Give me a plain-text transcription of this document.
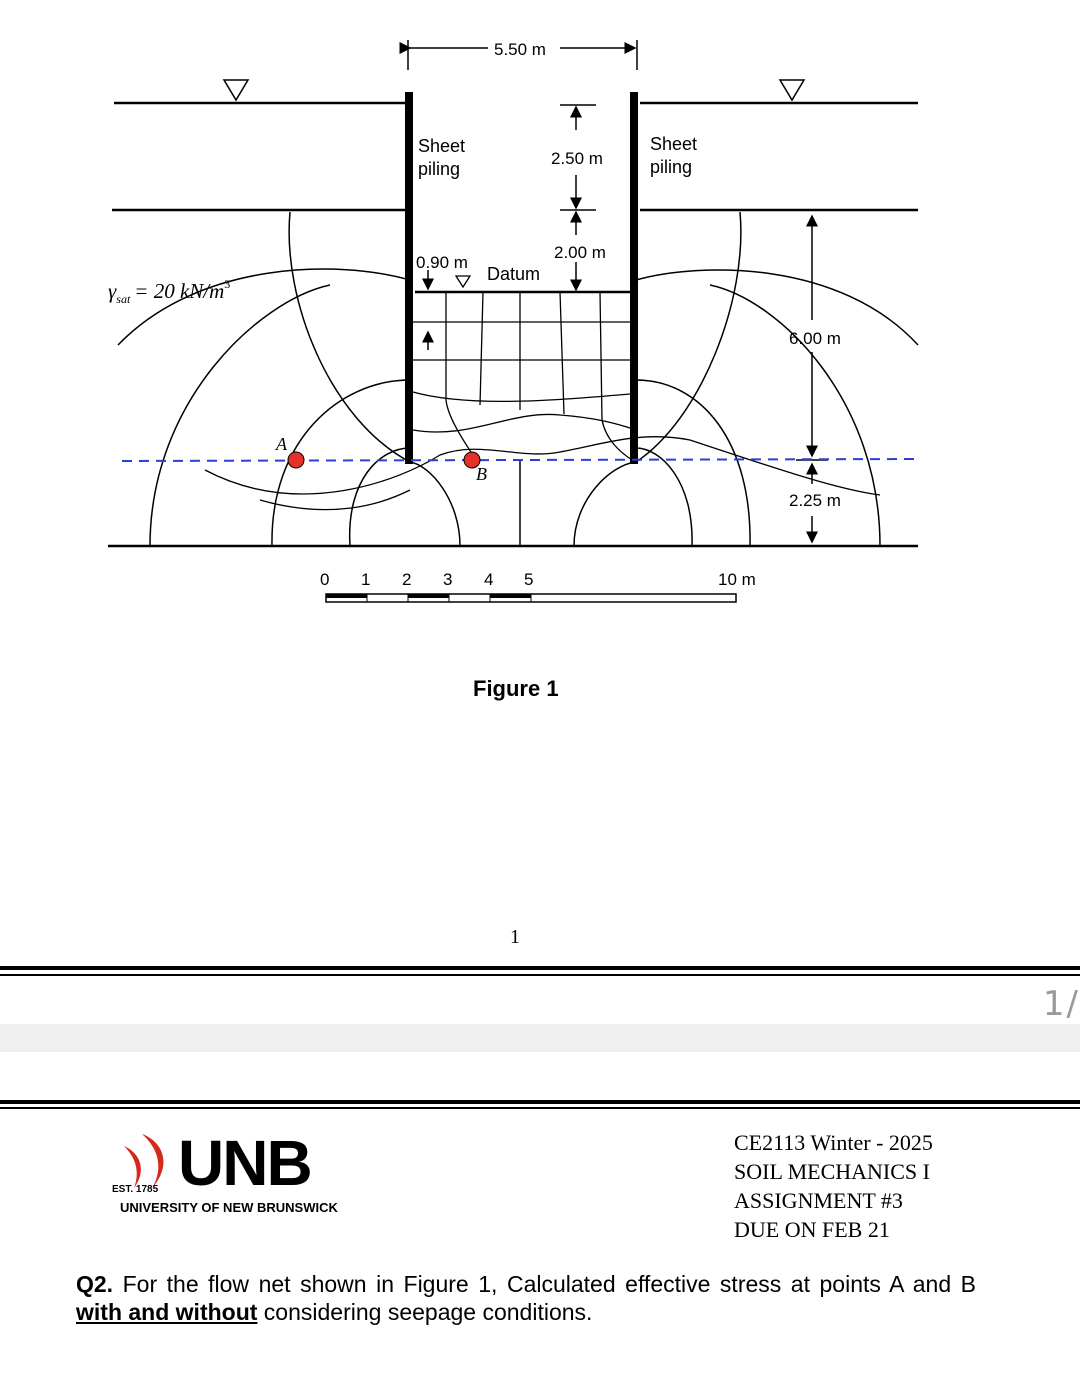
5.50 m
Sheet piling
Sheet piling
2.50 m
2.00 m
0.90 m
Datum
6.00 m
2.25 m
$\gamma_{sat} = 20$ $kN/m^3$
A
B
0 1 2 3 4 5	10 m
Figure 1
1
1/
UNB
EST. 1785
UNIVERSITY OF NEW BRUNSWICK
CE2113 Winter - 2025
SOIL MECHANICS I
ASSIGNMENT #3
DUE ON FEB 21
Q2. For the flow net shown in Figure 1, Calculated effective stress at points A and B with and without considering seepage conditions.
